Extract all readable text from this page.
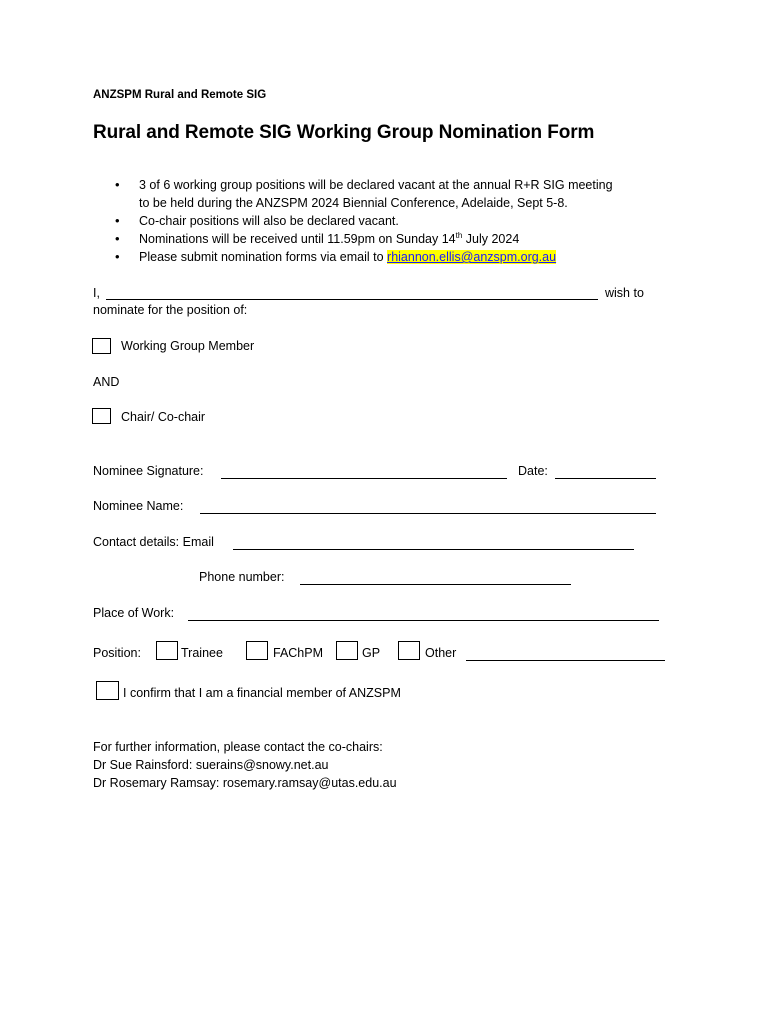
ANZSPM Rural and Remote SIG
Rural and Remote SIG Working Group Nomination Form
• 3 of 6 working group positions will be declared vacant at the annual R+R SIG meeting
to be held during the ANZSPM 2024 Biennial Conference, Adelaide, Sept 5-8.
• Co-chair positions will also be declared vacant.
• Nominations will be received until 11.59pm on Sunday 14th July 2024
• Please submit nomination forms via email to rhiannon.ellis@anzspm.org.au
I,	wish to
nominate for the position of:
Working Group Member
AND
Chair/ Co-chair
Nominee Signature:	Date:
Nominee Name:
Contact details: Email
Phone number:
Place of Work:
Position:	Trainee	FAChPM	GP	Other
I confirm that I am a financial member of ANZSPM
For further information, please contact the co-chairs:
Dr Sue Rainsford: suerains@snowy.net.au
Dr Rosemary Ramsay: rosemary.ramsay@utas.edu.au
